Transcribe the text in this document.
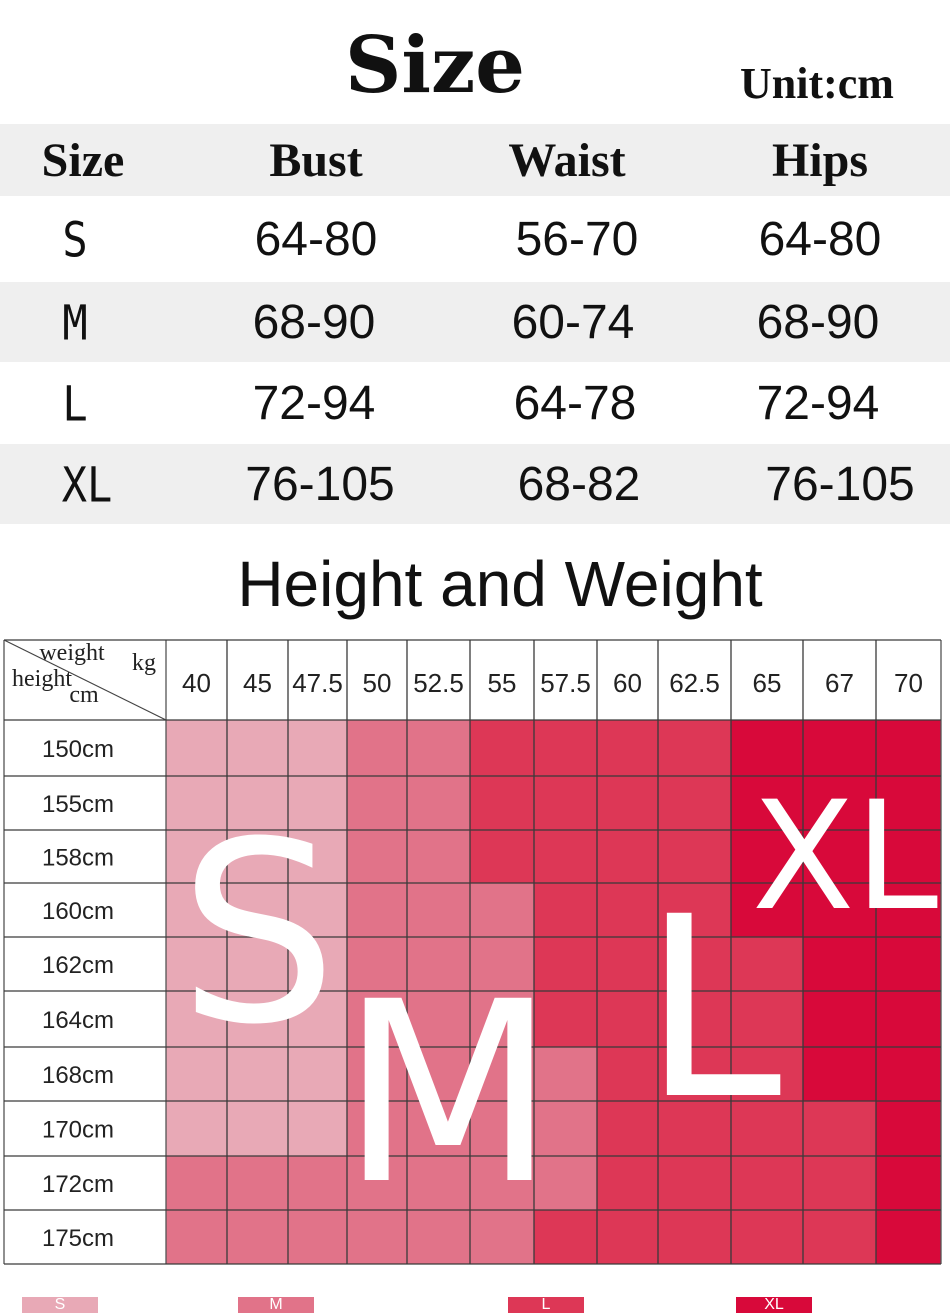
Size	Unit:cm
Size	Bust	Waist	Hips
S	64-80	56-70	64-80
M	68-90	60-74	68-90
L	72-94	64-78	72-94
XL	76-105	68-82	76-105
Height and Weight
weight kg
height
cm	40 45 47.5 50 52.5 55 57.5 60 62.5 65 67 70
150cm
155cm
158cm
160cm
162cm
164cm
168cm
170cm
172cm
175cm
S
M L
XL
S	M	L	XL
